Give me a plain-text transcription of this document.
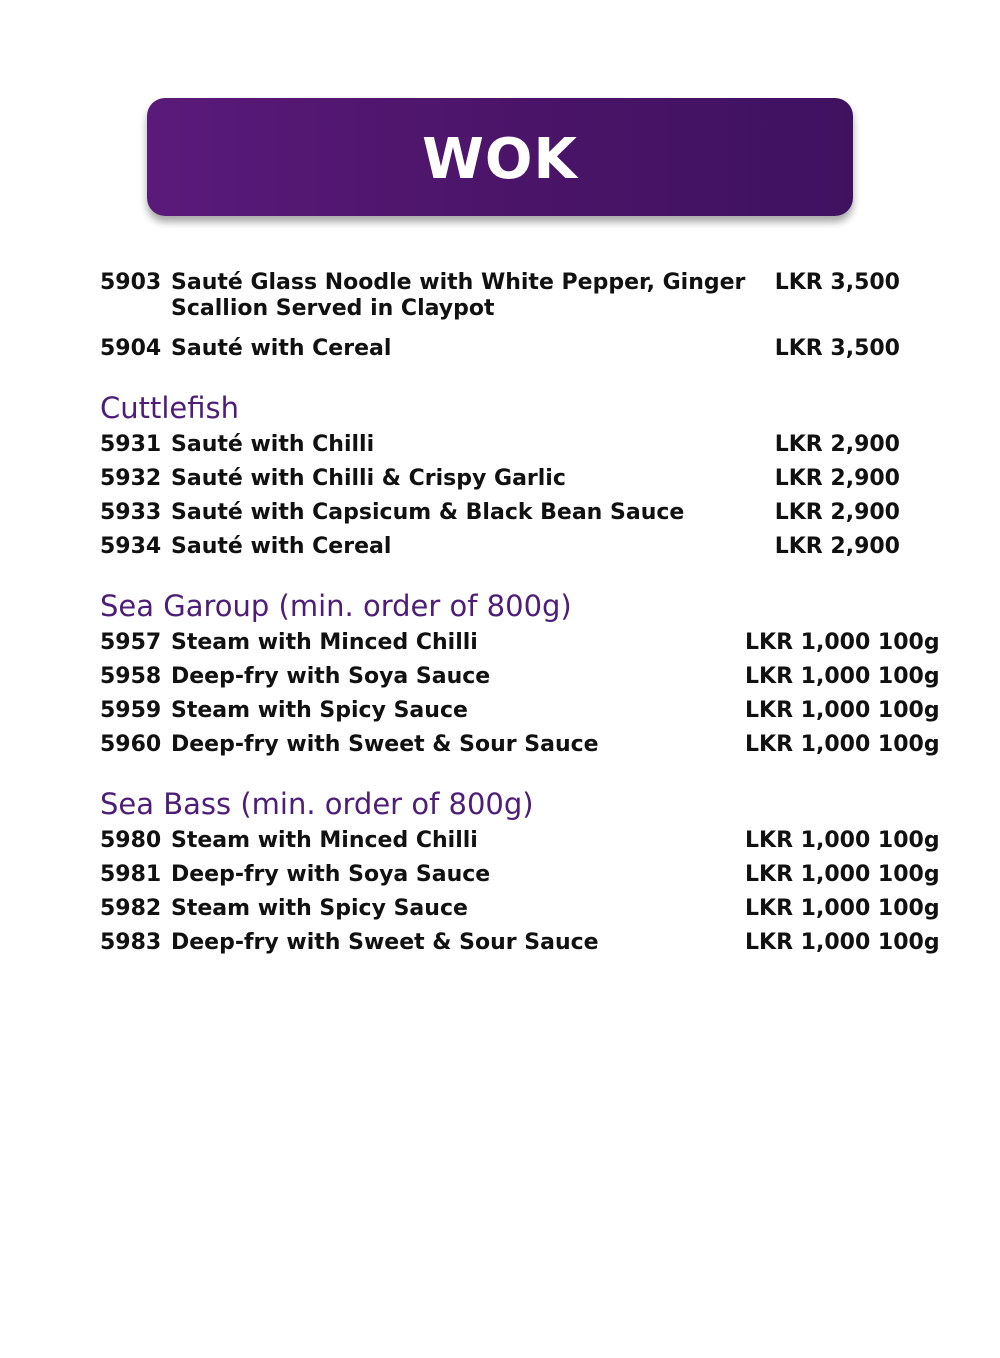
WOK
5903 Sauté Glass Noodle with White Pepper, Ginger
Scallion Served in Claypot
LKR 3,500
5904 Sauté with Cereal	LKR 3,500
Cuttlefish
5931 Sauté with Chilli	LKR 2,900
5932 Sauté with Chilli & Crispy Garlic	LKR 2,900
5933 Sauté with Capsicum & Black Bean Sauce	LKR 2,900
5934 Sauté with Cereal	LKR 2,900
Sea Garoup (min. order of 800g)
5957 Steam with Minced Chilli	LKR 1,000 100g
5958 Deep-fry with Soya Sauce	LKR 1,000 100g
5959 Steam with Spicy Sauce	LKR 1,000 100g
5960 Deep-fry with Sweet & Sour Sauce	LKR 1,000 100g
Sea Bass (min. order of 800g)
5980 Steam with Minced Chilli	LKR 1,000 100g
5981 Deep-fry with Soya Sauce	LKR 1,000 100g
5982 Steam with Spicy Sauce	LKR 1,000 100g
5983 Deep-fry with Sweet & Sour Sauce	LKR 1,000 100g
